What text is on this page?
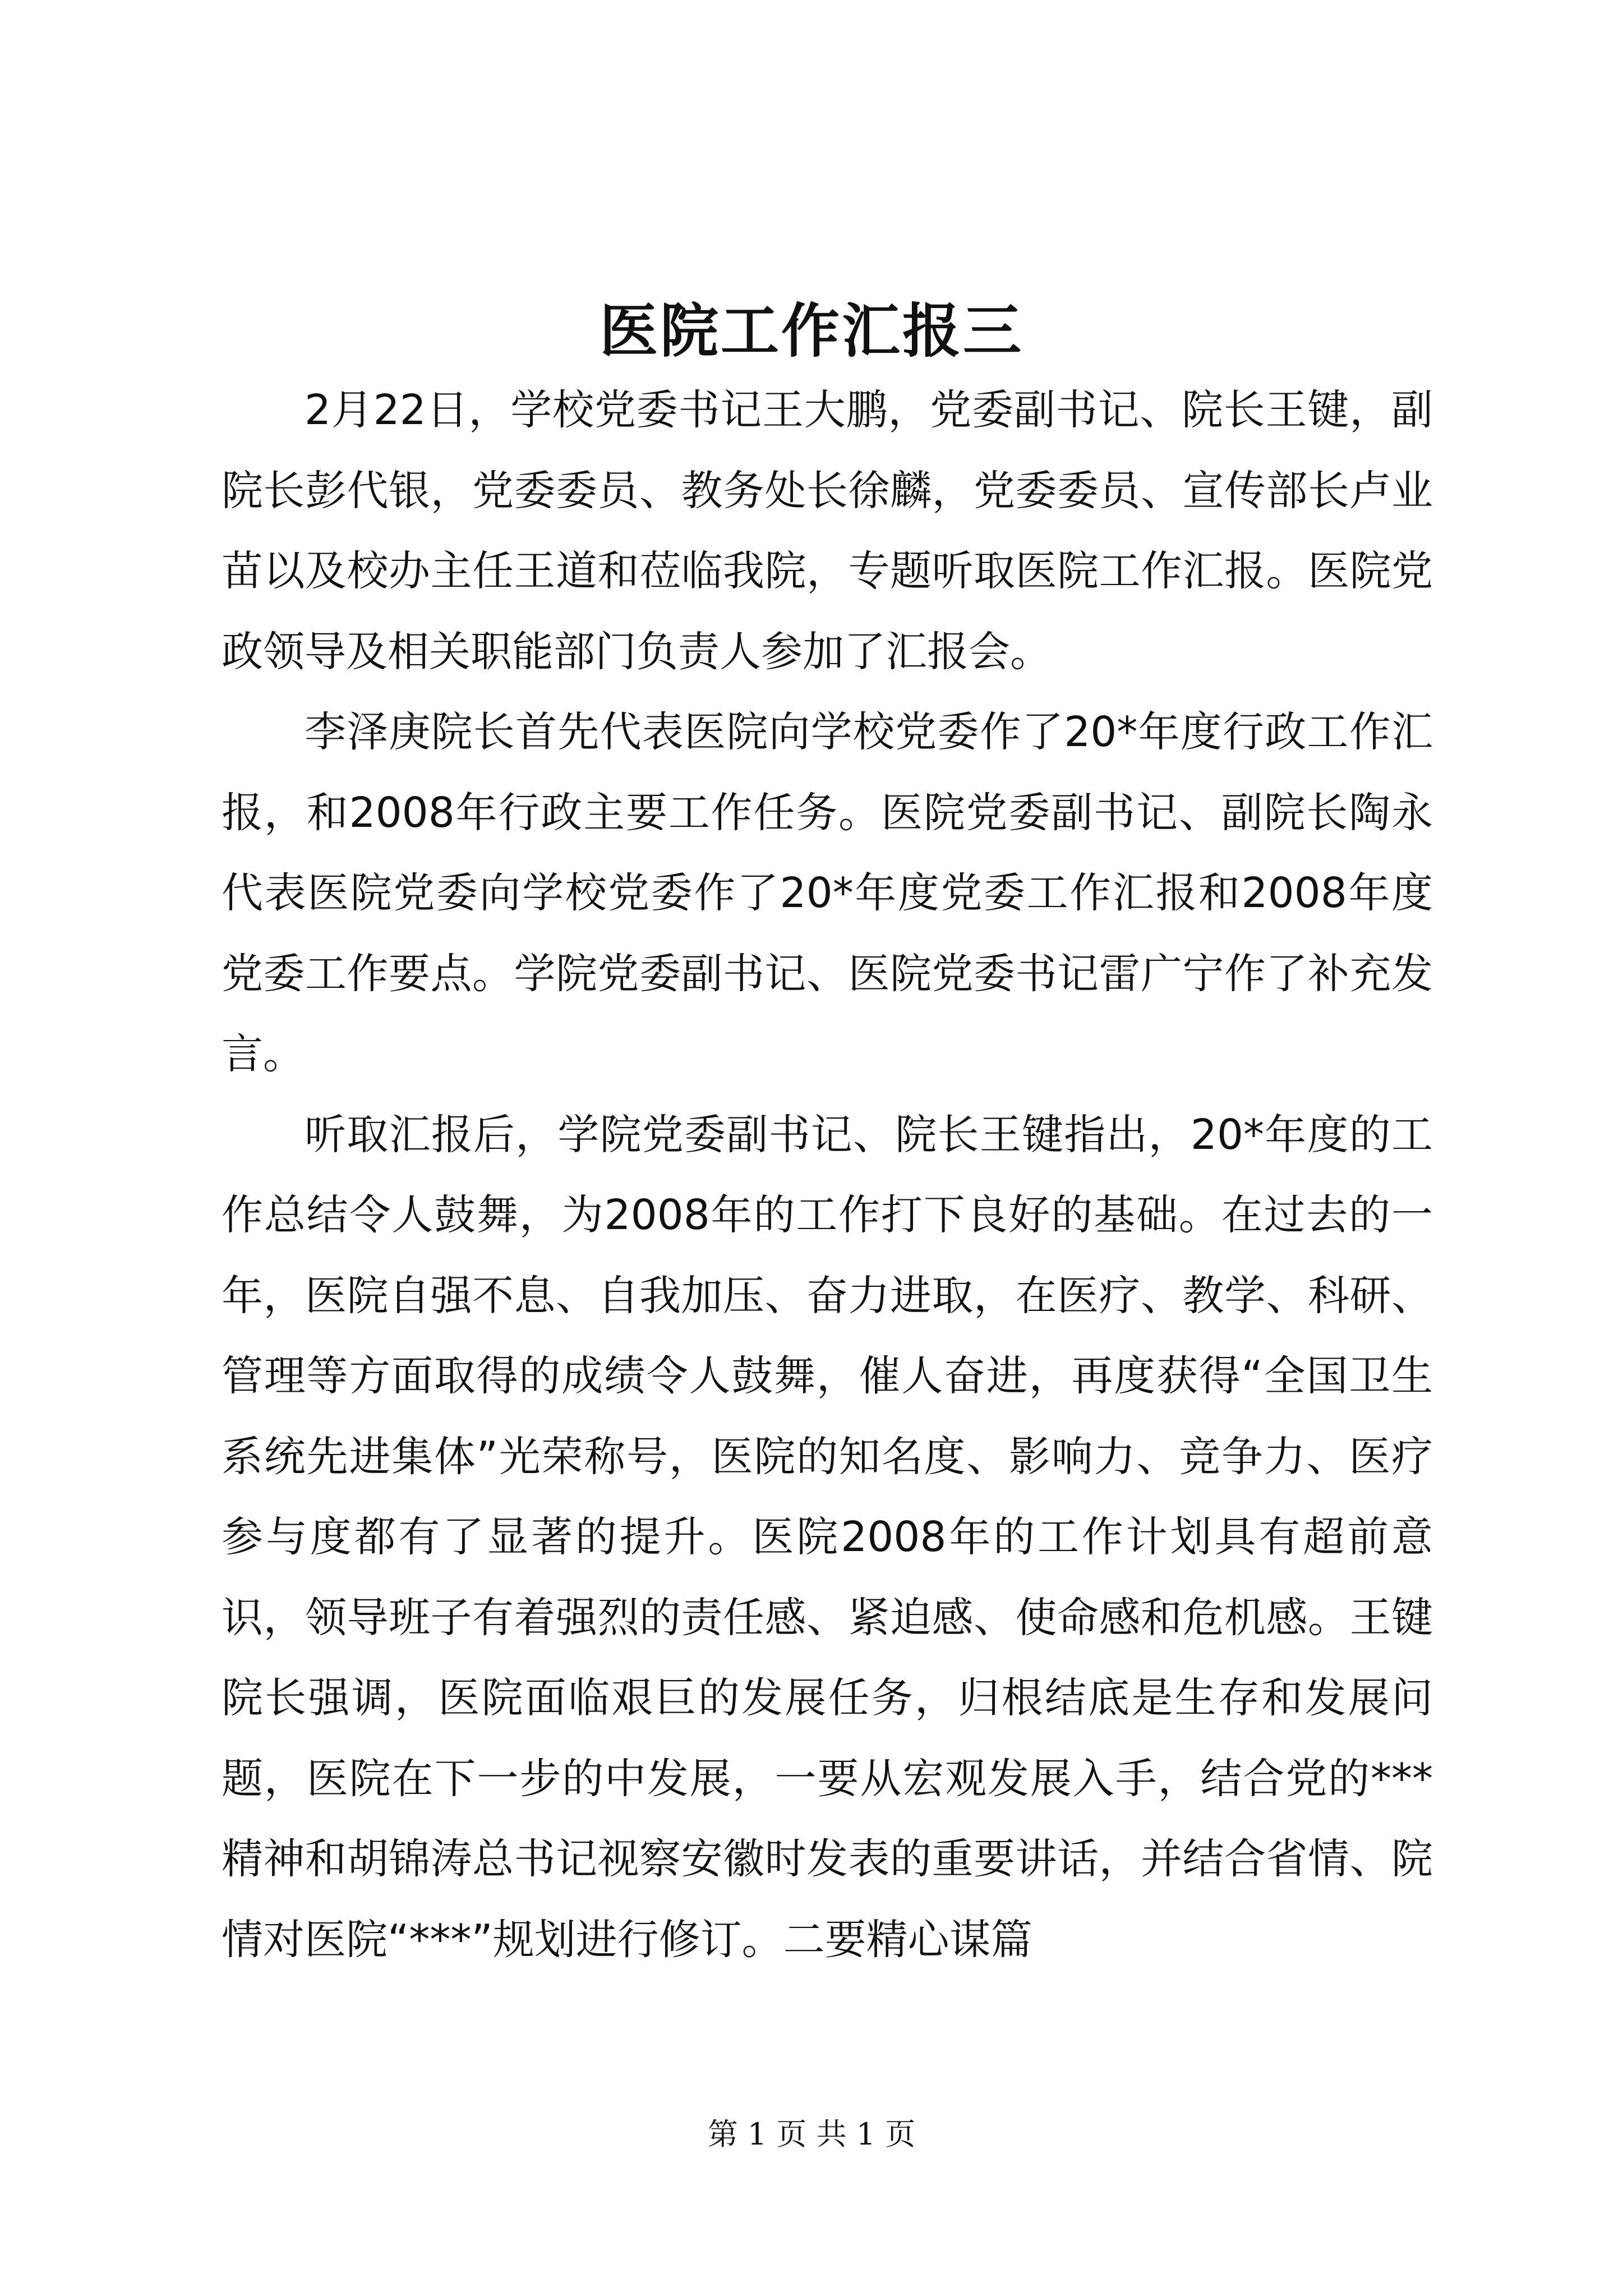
医院工作汇报三

2月22日，学校党委书记王大鹏，党委副书记、院长王键，副院长彭代银，党委委员、教务处长徐麟，党委委员、宣传部长卢业苗以及校办主任王道和莅临我院，专题听取医院工作汇报。医院党政领导及相关职能部门负责人参加了汇报会。

李泽庚院长首先代表医院向学校党委作了20*年度行政工作汇报，和2008年行政主要工作任务。医院党委副书记、副院长陶永代表医院党委向学校党委作了20*年度党委工作汇报和2008年度党委工作要点。学院党委副书记、医院党委书记雷广宁作了补充发言。

听取汇报后，学院党委副书记、院长王键指出，20*年度的工作总结令人鼓舞，为2008年的工作打下良好的基础。在过去的一年，医院自强不息、自我加压、奋力进取，在医疗、教学、科研、管理等方面取得的成绩令人鼓舞，催人奋进，再度获得“全国卫生系统先进集体”光荣称号，医院的知名度、影响力、竞争力、医疗参与度都有了显著的提升。医院2008年的工作计划具有超前意识，领导班子有着强烈的责任感、紧迫感、使命感和危机感。王键院长强调，医院面临艰巨的发展任务，归根结底是生存和发展问题，医院在下一步的中发展，一要从宏观发展入手，结合党的***精神和胡锦涛总书记视察安徽时发表的重要讲话，并结合省情、院情对医院“***”规划进行修订。二要精心谋篇

第 1 页 共 1 页
